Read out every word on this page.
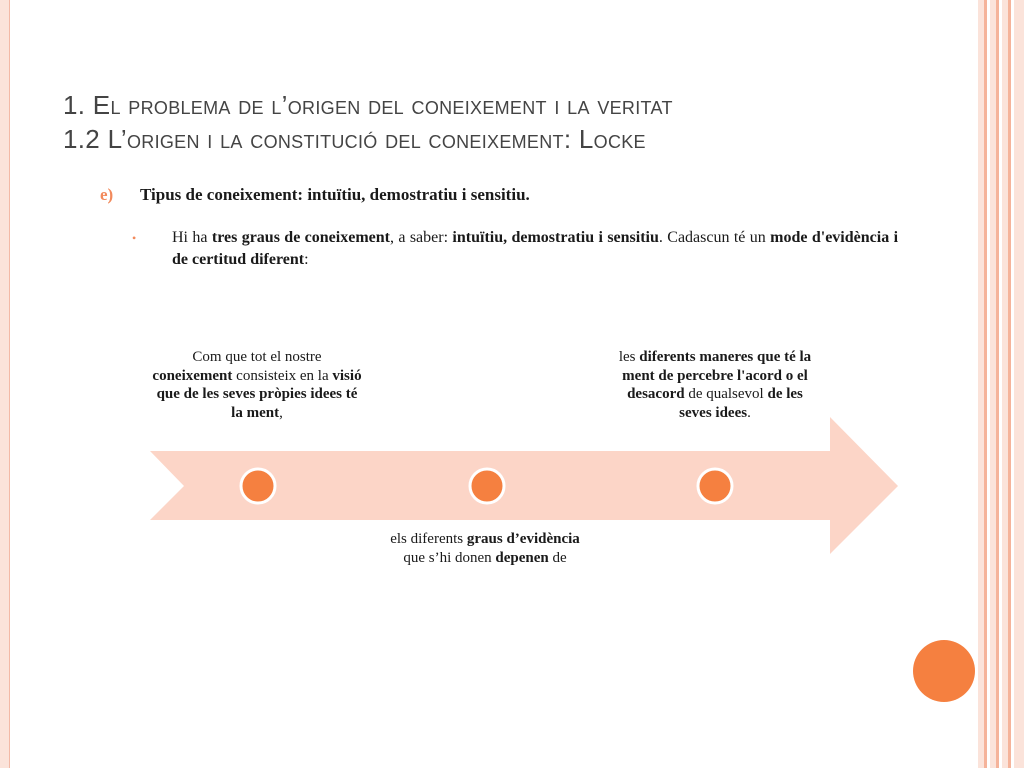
1. El problema de l’origen del coneixement i la veritat
1.2 L’origen i la constitució del coneixement: Locke
e) Tipus de coneixement: intuïtiu, demostratiu i sensitiu.
• Hi ha tres graus de coneixement, a saber: intuïtiu, demostratiu i sensitiu. Cadascun té un mode d'evidència i de certitud diferent:
Com que tot el nostre coneixement consisteix en la visió que de les seves pròpies idees té la ment,
els diferents graus d’evidència que s’hi donen depenen de
les diferents maneres que té la ment de percebre l'acord o el desacord de qualsevol de les seves idees.
